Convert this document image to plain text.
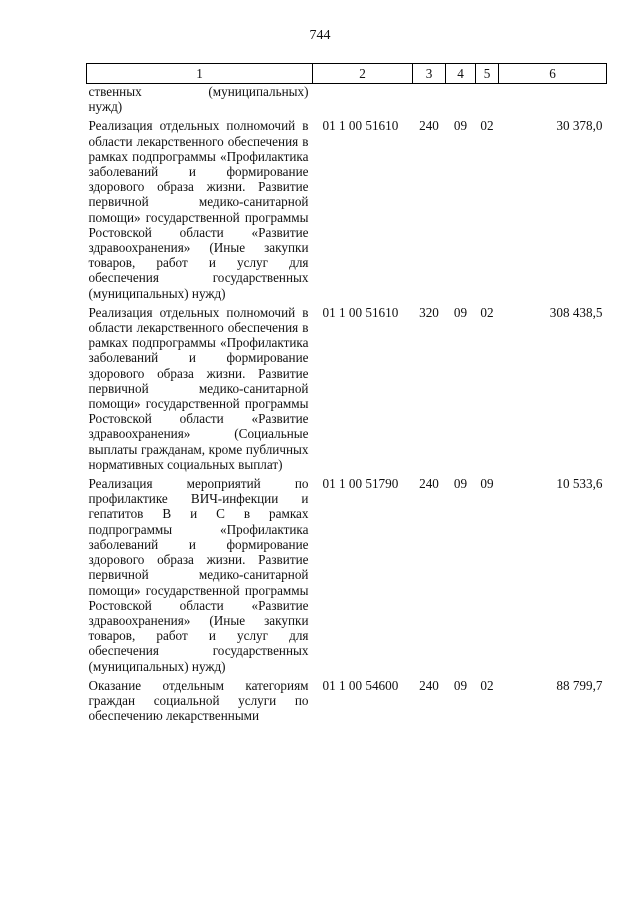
744
1	2	3	4	5	6

ственных (муниципальных)
нужд)					

Реализация отдельных полномочий в области лекарственного обеспечения в рамках подпрограммы «Профилактика заболеваний и формирование здорового образа жизни. Развитие первичной медико-санитарной помощи» государственной программы Ростовской области «Развитие здравоохранения» (Иные закупки товаров, работ и услуг для обеспечения государственных (муниципальных) нужд)	01 1 00 51610	240	09	02	30 378,0

Реализация отдельных полномочий в области лекарственного обеспечения в рамках подпрограммы «Профилактика заболеваний и формирование здорового образа жизни. Развитие первичной медико-санитарной помощи» государственной программы Ростовской области «Развитие здравоохранения» (Социальные выплаты гражданам, кроме публичных нормативных социальных выплат)	01 1 00 51610	320	09	02	308 438,5

Реализация мероприятий по профилактике ВИЧ-инфекции и гепатитов В и С в рамках подпрограммы «Профилактика заболеваний и формирование здорового образа жизни. Развитие первичной медико-санитарной помощи» государственной программы Ростовской области «Развитие здравоохранения» (Иные закупки товаров, работ и услуг для обеспечения государственных (муниципальных) нужд)	01 1 00 51790	240	09	09	10 533,6

Оказание отдельным категориям граждан социальной услуги по обеспечению лекарственными	01 1 00 54600	240	09	02	88 799,7
